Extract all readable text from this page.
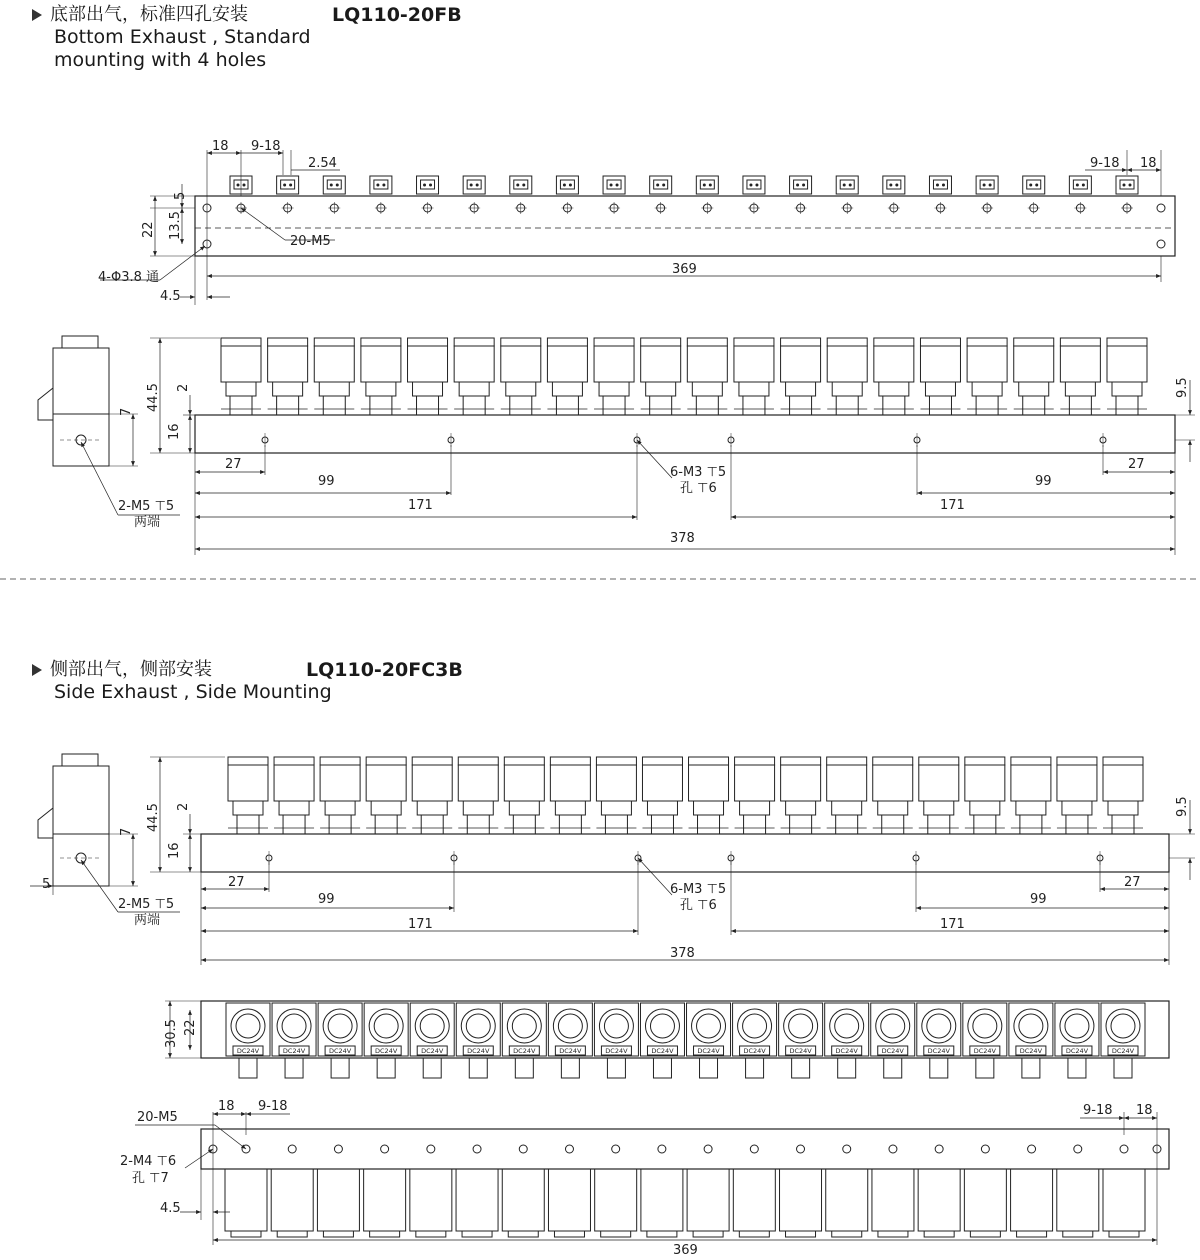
底部出气，标准四孔安装
Bottom Exhaust , Standard
mounting with 4 holes
LQ110-20FB
侧部出气，侧部安装
Side Exhaust , Side Mounting
LQ110-20FC3B
18 9-18
2.54	9-18 18
5
22 13.5
20-M5
4-Φ3.8 通
4.5
369
44.5 2
16
7
9.5
27
99
171
27
99
171
378
6-M3 ⊤5
孔 ⊤6
2-M5 ⊤5
两端
44.5 2
16
7
9.5
5	27
99
171
27
99
171
378
6-M3 ⊤5
孔 ⊤6
2-M5 ⊤5
两端
DC24V	DC24V	DC24V	DC24V	DC24V	DC24V	DC24V	DC24V	DC24V	DC24V	DC24V	DC24V	DC24V	DC24V	DC24V	DC24V	DC24V	DC24V	DC24V	DC24V
30.5 22
20-M5
18 9-18	9-18 18
2-M4 ⊤6
孔 ⊤7
4.5
369
